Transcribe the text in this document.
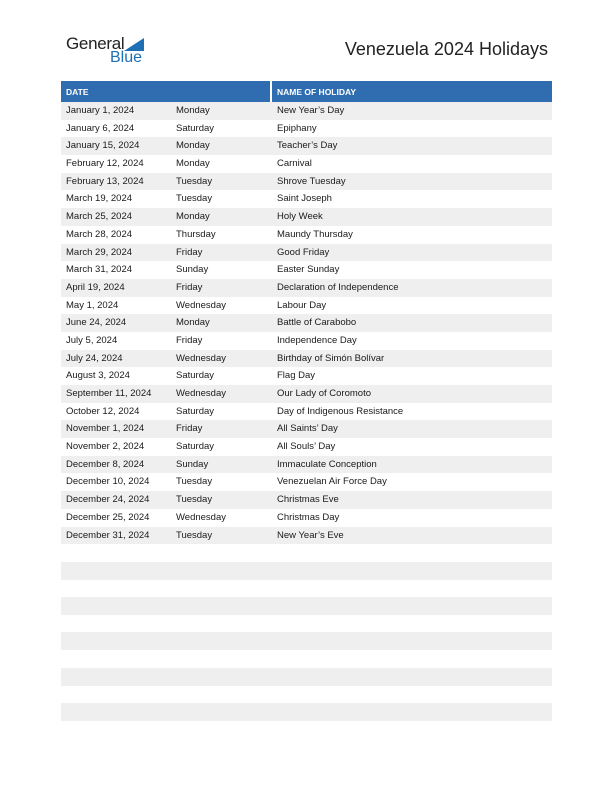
General
Blue	Venezuela 2024 Holidays
DATE	NAME OF HOLIDAY
January 1, 2024	Monday	New Year’s Day
January 6, 2024	Saturday	Epiphany
January 15, 2024	Monday	Teacher’s Day
February 12, 2024	Monday	Carnival
February 13, 2024	Tuesday	Shrove Tuesday
March 19, 2024	Tuesday	Saint Joseph
March 25, 2024	Monday	Holy Week
March 28, 2024	Thursday	Maundy Thursday
March 29, 2024	Friday	Good Friday
March 31, 2024	Sunday	Easter Sunday
April 19, 2024	Friday	Declaration of Independence
May 1, 2024	Wednesday	Labour Day
June 24, 2024	Monday	Battle of Carabobo
July 5, 2024	Friday	Independence Day
July 24, 2024	Wednesday	Birthday of Simón Bolívar
August 3, 2024	Saturday	Flag Day
September 11, 2024	Wednesday	Our Lady of Coromoto
October 12, 2024	Saturday	Day of Indigenous Resistance
November 1, 2024	Friday	All Saints’ Day
November 2, 2024	Saturday	All Souls’ Day
December 8, 2024	Sunday	Immaculate Conception
December 10, 2024	Tuesday	Venezuelan Air Force Day
December 24, 2024	Tuesday	Christmas Eve
December 25, 2024	Wednesday	Christmas Day
December 31, 2024	Tuesday	New Year’s Eve
